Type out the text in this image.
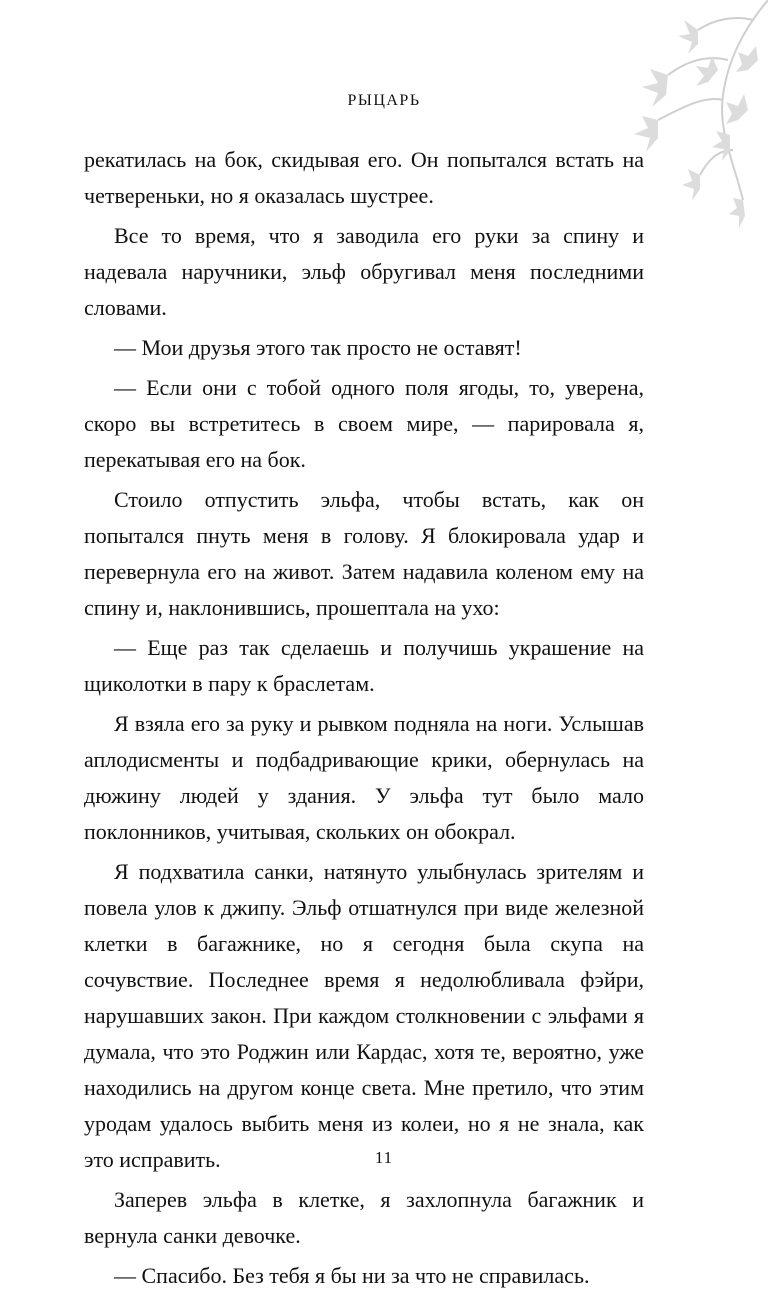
РЫЦАРЬ

рекатилась на бок, скидывая его. Он попытался встать на четвереньки, но я оказалась шустрее.

Все то время, что я заводила его руки за спину и надевала наручники, эльф обругивал меня последними словами.

— Мои друзья этого так просто не оставят!

— Если они с тобой одного поля ягоды, то, уверена, скоро вы встретитесь в своем мире, — парировала я, перекатывая его на бок.

Стоило отпустить эльфа, чтобы встать, как он попытался пнуть меня в голову. Я блокировала удар и перевернула его на живот. Затем надавила коленом ему на спину и, наклонившись, прошептала на ухо:

— Еще раз так сделаешь и получишь украшение на щиколотки в пару к браслетам.

Я взяла его за руку и рывком подняла на ноги. Услышав аплодисменты и подбадривающие крики, обернулась на дюжину людей у здания. У эльфа тут было мало поклонников, учитывая, скольких он обокрал.

Я подхватила санки, натянуто улыбнулась зрителям и повела улов к джипу. Эльф отшатнулся при виде железной клетки в багажнике, но я сегодня была скупа на сочувствие. Последнее время я недолюбливала фэйри, нарушавших закон. При каждом столкновении с эльфами я думала, что это Роджин или Кардас, хотя те, вероятно, уже находились на другом конце света. Мне претило, что этим уродам удалось выбить меня из колеи, но я не знала, как это исправить.

Заперев эльфа в клетке, я захлопнула багажник и вернула санки девочке.

— Спасибо. Без тебя я бы ни за что не справилась.

11
